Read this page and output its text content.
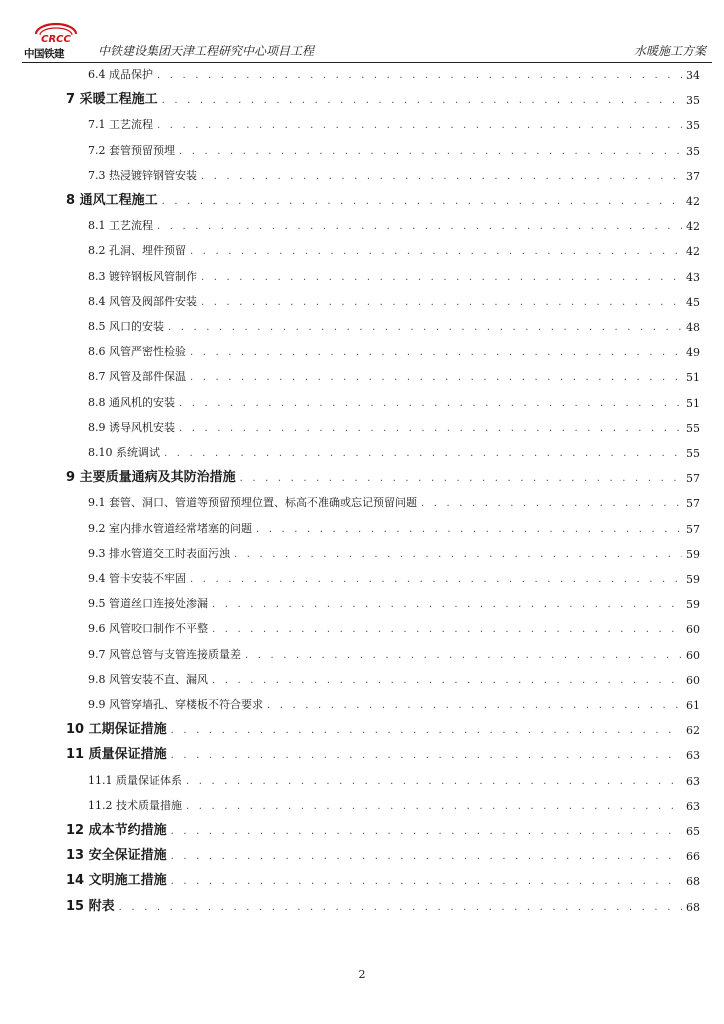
CRCC
中国铁建	中铁建设集团天津工程研究中心项目工程	水暖施工方案
6.4 成品保护 . . .	34
7 采暖工程施工 . . .	35
7.1 工艺流程 . . .	35
7.2 套管预留预埋 . . .	35
7.3 热浸镀锌钢管安装 . . .	37
8 通风工程施工 . . .	42
8.1 工艺流程 . . .	42
8.2 孔洞、埋件预留 . . .	42
8.3 镀锌钢板风管制作 . . .	43
8.4 风管及阀部件安装 . . .	45
8.5 风口的安装 . . .	48
8.6 风管严密性检验 . . .	49
8.7 风管及部件保温 . . .	51
8.8 通风机的安装 . . .	51
8.9 诱导风机安装 . . .	55
8.10 系统调试 . . .	55
9 主要质量通病及其防治措施 . . .	57
9.1 套管、洞口、管道等预留预埋位置、标高不准确或忘记预留问题 . . .	57
9.2 室内排水管道经常堵塞的问题 . . .	57
9.3 排水管道交工时表面污浊 . . .	59
9.4 管卡安装不牢固 . . .	59
9.5 管道丝口连接处渗漏 . . .	59
9.6 风管咬口制作不平整 . . .	60
9.7 风管总管与支管连接质量差 . . .	60
9.8 风管安装不直、漏风 . . .	60
9.9 风管穿墙孔、穿楼板不符合要求 . . .	61
10 工期保证措施 . . .	62
11 质量保证措施 . . .	63
11.1 质量保证体系 . . .	63
11.2 技术质量措施 . . .	63
12 成本节约措施 . . .	65
13 安全保证措施 . . .	66
14 文明施工措施 . . .	68
15 附表 . . .	68
2
